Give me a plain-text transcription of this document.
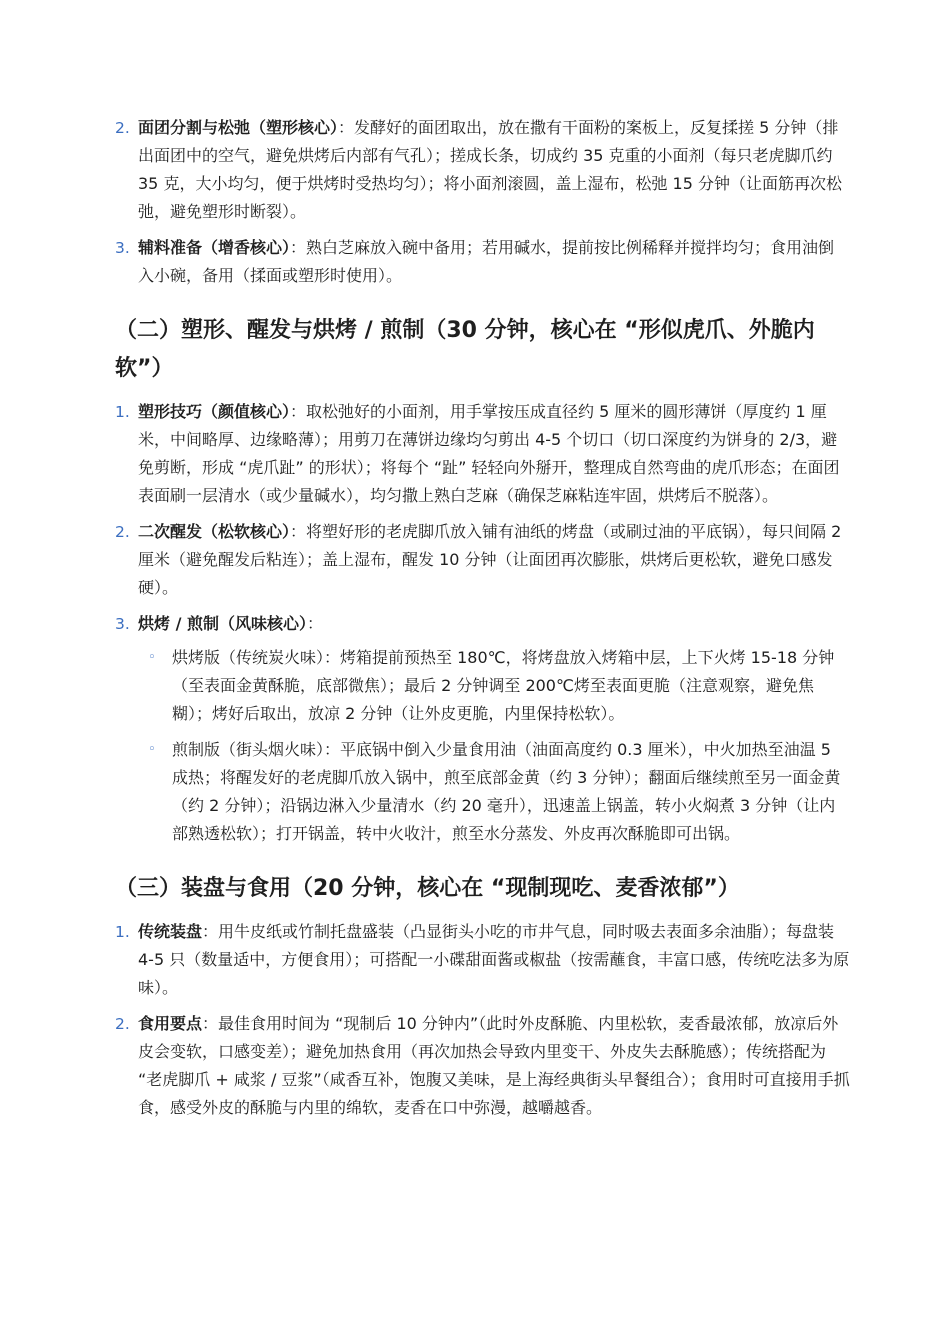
2. 面团分割与松弛（塑形核心）：发酵好的面团取出，放在撒有干面粉的案板上，反复揉搓 5 分钟（排出面团中的空气，避免烘烤后内部有气孔）；搓成长条，切成约 35 克重的小面剂（每只老虎脚爪约 35 克，大小均匀，便于烘烤时受热均匀）；将小面剂滚圆，盖上湿布，松弛 15 分钟（让面筋再次松弛，避免塑形时断裂）。
3. 辅料准备（增香核心）：熟白芝麻放入碗中备用；若用碱水，提前按比例稀释并搅拌均匀；食用油倒入小碗，备用（揉面或塑形时使用）。
（二）塑形、醒发与烘烤 / 煎制（30 分钟，核心在 “形似虎爪、外脆内软”）
1. 塑形技巧（颜值核心）：取松弛好的小面剂，用手掌按压成直径约 5 厘米的圆形薄饼（厚度约 1 厘米，中间略厚、边缘略薄）；用剪刀在薄饼边缘均匀剪出 4-5 个切口（切口深度约为饼身的 2/3，避免剪断，形成 “虎爪趾” 的形状）；将每个 “趾” 轻轻向外掰开，整理成自然弯曲的虎爪形态；在面团表面刷一层清水（或少量碱水），均匀撒上熟白芝麻（确保芝麻粘连牢固，烘烤后不脱落）。
2. 二次醒发（松软核心）：将塑好形的老虎脚爪放入铺有油纸的烤盘（或刷过油的平底锅），每只间隔 2 厘米（避免醒发后粘连）；盖上湿布，醒发 10 分钟（让面团再次膨胀，烘烤后更松软，避免口感发硬）。
3. 烘烤 / 煎制（风味核心）：
◦ 烘烤版（传统炭火味）：烤箱提前预热至 180℃，将烤盘放入烤箱中层，上下火烤 15-18 分钟（至表面金黄酥脆，底部微焦）；最后 2 分钟调至 200℃烤至表面更脆（注意观察，避免焦糊）；烤好后取出，放凉 2 分钟（让外皮更脆，内里保持松软）。
◦ 煎制版（街头烟火味）：平底锅中倒入少量食用油（油面高度约 0.3 厘米），中火加热至油温 5 成热；将醒发好的老虎脚爪放入锅中，煎至底部金黄（约 3 分钟）；翻面后继续煎至另一面金黄（约 2 分钟）；沿锅边淋入少量清水（约 20 毫升），迅速盖上锅盖，转小火焖煮 3 分钟（让内部熟透松软）；打开锅盖，转中火收汁，煎至水分蒸发、外皮再次酥脆即可出锅。
（三）装盘与食用（20 分钟，核心在 “现制现吃、麦香浓郁”）
1. 传统装盘：用牛皮纸或竹制托盘盛装（凸显街头小吃的市井气息，同时吸去表面多余油脂）；每盘装 4-5 只（数量适中，方便食用）；可搭配一小碟甜面酱或椒盐（按需蘸食，丰富口感，传统吃法多为原味）。
2. 食用要点：最佳食用时间为 “现制后 10 分钟内”（此时外皮酥脆、内里松软，麦香最浓郁，放凉后外皮会变软，口感变差）；避免加热食用（再次加热会导致内里变干、外皮失去酥脆感）；传统搭配为 “老虎脚爪 + 咸浆 / 豆浆”（咸香互补，饱腹又美味，是上海经典街头早餐组合）；食用时可直接用手抓食，感受外皮的酥脆与内里的绵软，麦香在口中弥漫，越嚼越香。
